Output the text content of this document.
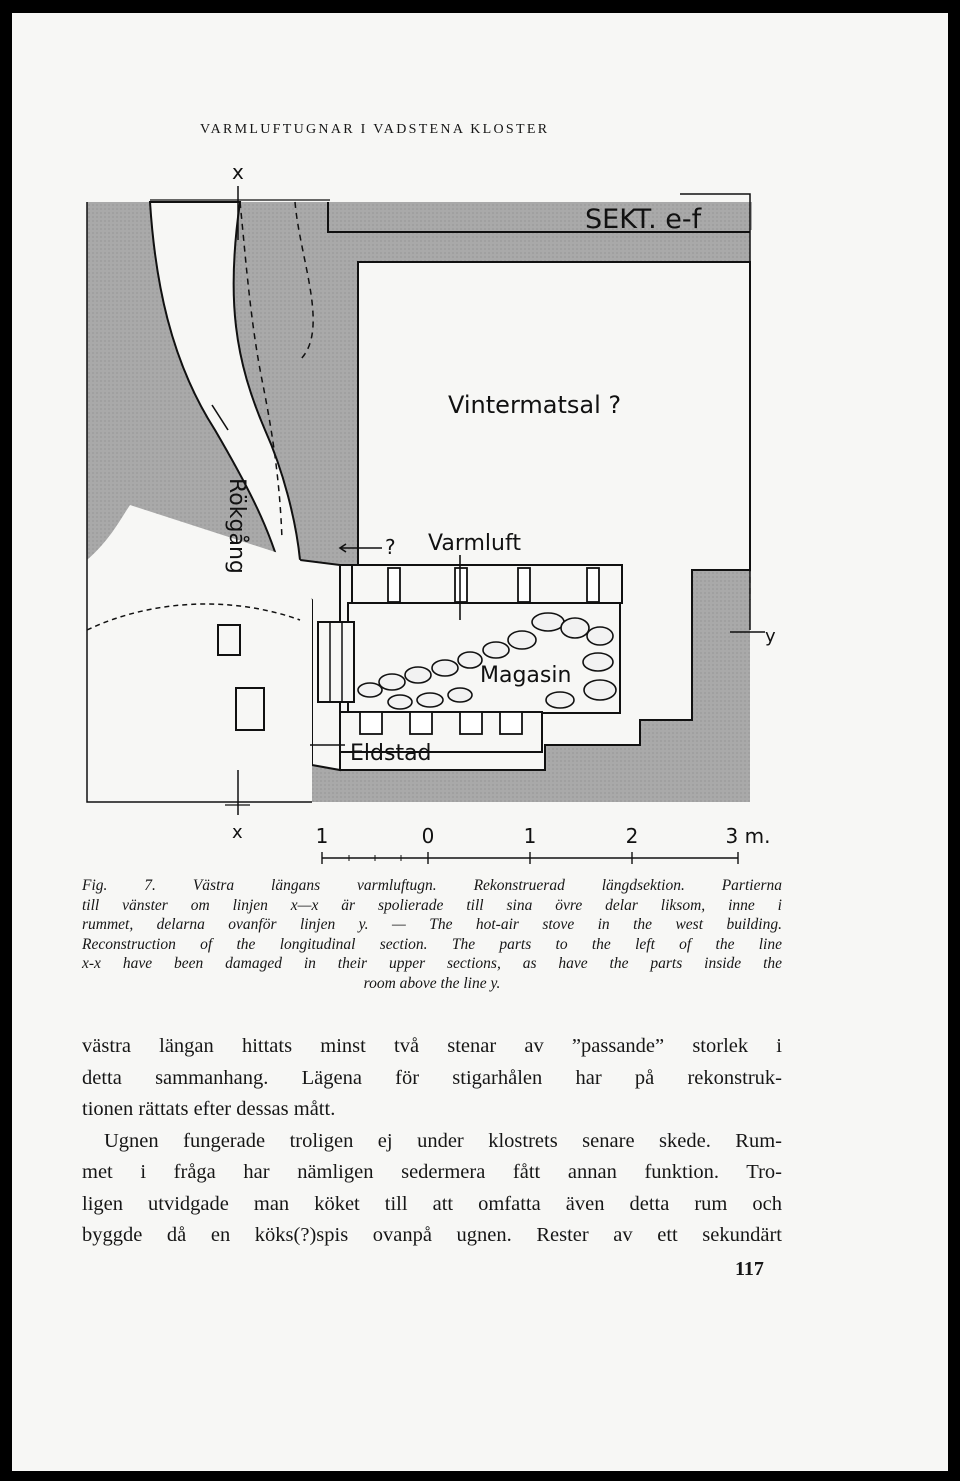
VARMLUFTUGNAR I VADSTENA KLOSTER
x
SEKT. e-f
Vintermatsal ?
Varmluft
?
Magasin
Eldstad
y
x
Rökgång
1	0	1	2	3 m.
Fig. 7. Västra längans varmluftugn. Rekonstruerad längdsektion. Partierna
till vänster om linjen x—x är spolierade till sina övre delar liksom, inne i
rummet, delarna ovanför linjen y. — The hot-air stove in the west building.
Reconstruction of the longitudinal section. The parts to the left of the line
x-x have been damaged in their upper sections, as have the parts inside the
room above the line y.
västra längan hittats minst två stenar av ”passande” storlek i
detta sammanhang. Lägena för stigarhålen har på rekonstruk-
tionen rättats efter dessas mått.
Ugnen fungerade troligen ej under klostrets senare skede. Rum-
met i fråga har nämligen sedermera fått annan funktion. Tro-
ligen utvidgade man köket till att omfatta även detta rum och
byggde då en köks(?)spis ovanpå ugnen. Rester av ett sekundärt
117
